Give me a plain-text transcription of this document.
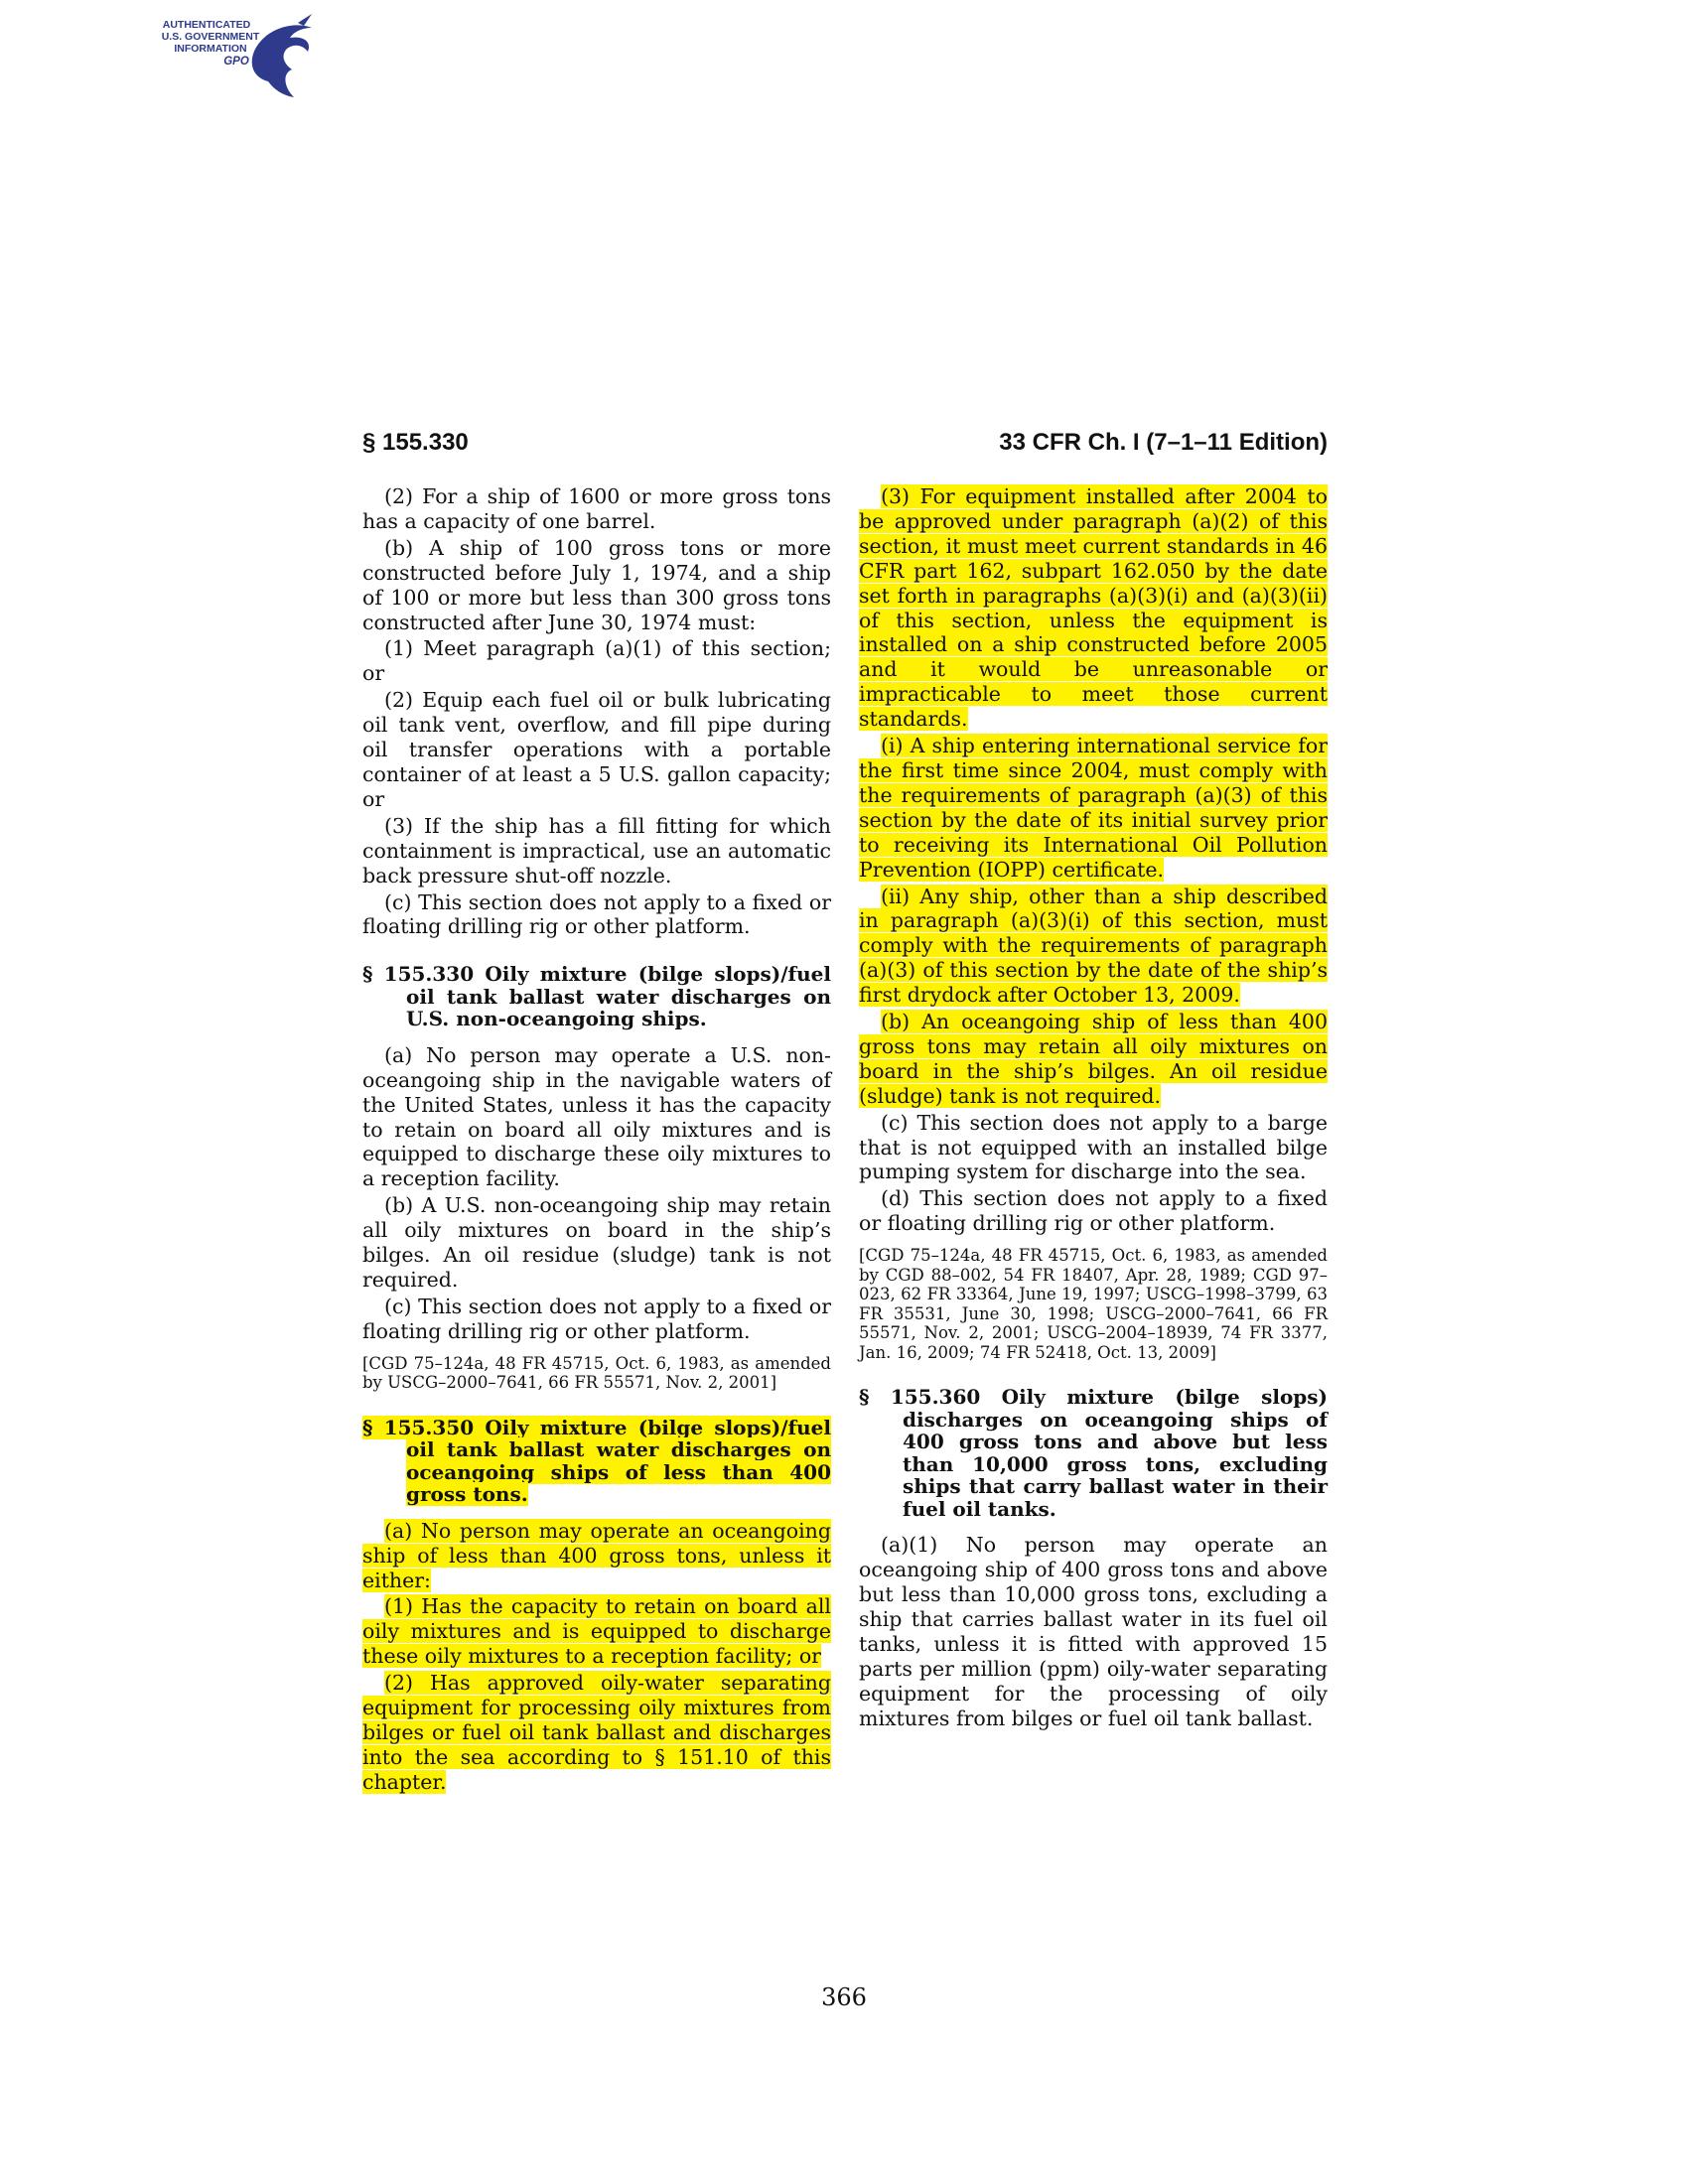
AUTHENTICATED
U.S. GOVERNMENT
INFORMATION
GPO
§ 155.330	33 CFR Ch. I (7–1–11 Edition)

(2) For a ship of 1600 or more gross tons has a capacity of one barrel.

(b) A ship of 100 gross tons or more constructed before July 1, 1974, and a ship of 100 or more but less than 300 gross tons constructed after June 30, 1974 must:

(1) Meet paragraph (a)(1) of this section; or

(2) Equip each fuel oil or bulk lubricating oil tank vent, overflow, and fill pipe during oil transfer operations with a portable container of at least a 5 U.S. gallon capacity; or

(3) If the ship has a fill fitting for which containment is impractical, use an automatic back pressure shut-off nozzle.

(c) This section does not apply to a fixed or floating drilling rig or other platform.

§ 155.330 Oily mixture (bilge slops)/fuel oil tank ballast water discharges on U.S. non-oceangoing ships.

(a) No person may operate a U.S. non-oceangoing ship in the navigable waters of the United States, unless it has the capacity to retain on board all oily mixtures and is equipped to discharge these oily mixtures to a reception facility.

(b) A U.S. non-oceangoing ship may retain all oily mixtures on board in the ship’s bilges. An oil residue (sludge) tank is not required.

(c) This section does not apply to a fixed or floating drilling rig or other platform.

[CGD 75–124a, 48 FR 45715, Oct. 6, 1983, as amended by USCG–2000–7641, 66 FR 55571, Nov. 2, 2001]

§ 155.350 Oily mixture (bilge slops)/fuel oil tank ballast water discharges on oceangoing ships of less than 400 gross tons.

(a) No person may operate an oceangoing ship of less than 400 gross tons, unless it either:

(1) Has the capacity to retain on board all oily mixtures and is equipped to discharge these oily mixtures to a reception facility; or

(2) Has approved oily-water separating equipment for processing oily mixtures from bilges or fuel oil tank ballast and discharges into the sea according to § 151.10 of this chapter.

(3) For equipment installed after 2004 to be approved under paragraph (a)(2) of this section, it must meet current standards in 46 CFR part 162, subpart 162.050 by the date set forth in paragraphs (a)(3)(i) and (a)(3)(ii) of this section, unless the equipment is installed on a ship constructed before 2005 and it would be unreasonable or impracticable to meet those current standards.

(i) A ship entering international service for the first time since 2004, must comply with the requirements of paragraph (a)(3) of this section by the date of its initial survey prior to receiving its International Oil Pollution Prevention (IOPP) certificate.

(ii) Any ship, other than a ship described in paragraph (a)(3)(i) of this section, must comply with the requirements of paragraph (a)(3) of this section by the date of the ship’s first drydock after October 13, 2009.

(b) An oceangoing ship of less than 400 gross tons may retain all oily mixtures on board in the ship’s bilges. An oil residue (sludge) tank is not required.

(c) This section does not apply to a barge that is not equipped with an installed bilge pumping system for discharge into the sea.

(d) This section does not apply to a fixed or floating drilling rig or other platform.

[CGD 75–124a, 48 FR 45715, Oct. 6, 1983, as amended by CGD 88–002, 54 FR 18407, Apr. 28, 1989; CGD 97–023, 62 FR 33364, June 19, 1997; USCG–1998–3799, 63 FR 35531, June 30, 1998; USCG–2000–7641, 66 FR 55571, Nov. 2, 2001; USCG–2004–18939, 74 FR 3377, Jan. 16, 2009; 74 FR 52418, Oct. 13, 2009]

§ 155.360 Oily mixture (bilge slops) discharges on oceangoing ships of 400 gross tons and above but less than 10,000 gross tons, excluding ships that carry ballast water in their fuel oil tanks.

(a)(1) No person may operate an oceangoing ship of 400 gross tons and above but less than 10,000 gross tons, excluding a ship that carries ballast water in its fuel oil tanks, unless it is fitted with approved 15 parts per million (ppm) oily-water separating equipment for the processing of oily mixtures from bilges or fuel oil tank ballast.

366
